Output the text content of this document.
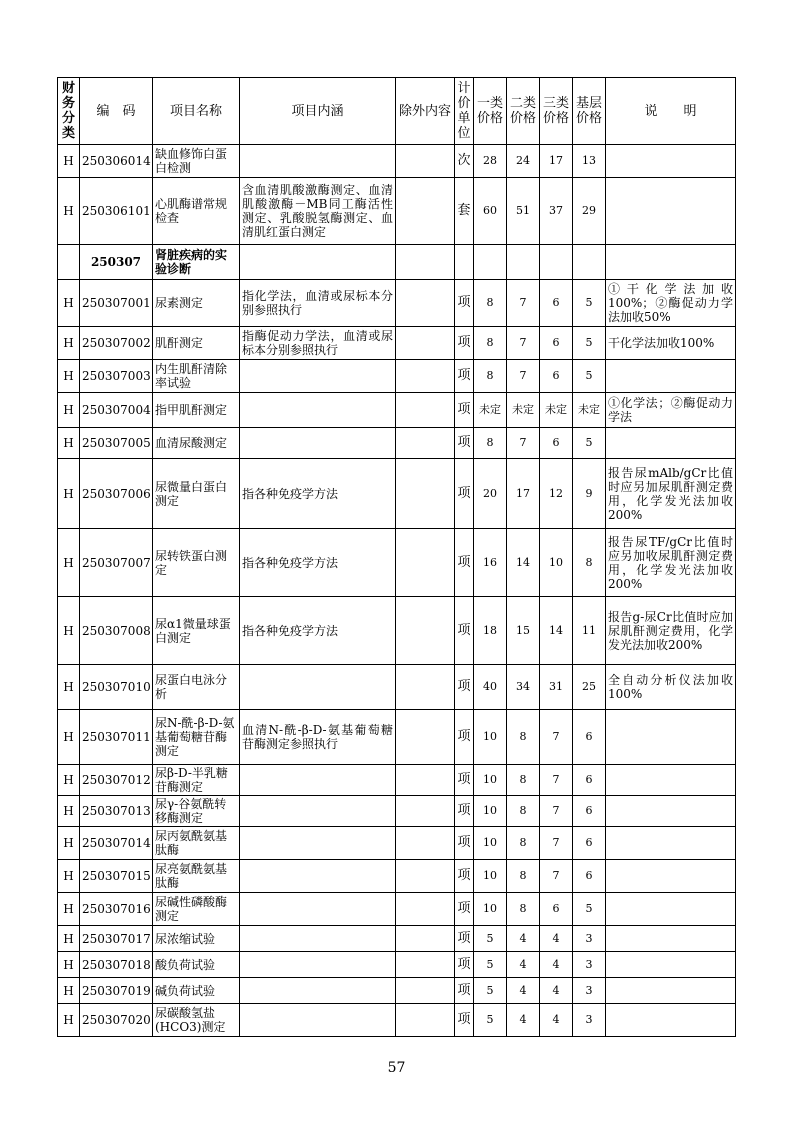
财务分类	编　码	项目名称	项目内涵	除外内容	计价单位	一类价格	二类价格	三类价格	基层价格	说　　明
H	250306014	缺血修饰白蛋白检测			次	28	24	17	13	
H	250306101	心肌酶谱常规检查	含血清肌酸激酶测定、血清肌酸激酶－MB同工酶活性测定、乳酸脱氢酶测定、血清肌红蛋白测定		套	60	51	37	29	
	250307	肾脏疾病的实验诊断								
H	250307001	尿素测定	指化学法，血清或尿标本分别参照执行		项	8	7	6	5	①干化学法加收100%；②酶促动力学法加收50%
H	250307002	肌酐测定	指酶促动力学法，血清或尿标本分别参照执行		项	8	7	6	5	干化学法加收100%
H	250307003	内生肌酐清除率试验			项	8	7	6	5	
H	250307004	指甲肌酐测定			项	未定	未定	未定	未定	①化学法；②酶促动力学法
H	250307005	血清尿酸测定			项	8	7	6	5	
H	250307006	尿微量白蛋白测定	指各种免疫学方法		项	20	17	12	9	报告尿mAlb/gCr比值时应另加尿肌酐测定费用，化学发光法加收200%
H	250307007	尿转铁蛋白测定	指各种免疫学方法		项	16	14	10	8	报告尿TF/gCr比值时应另加收尿肌酐测定费用，化学发光法加收200%
H	250307008	尿α1微量球蛋白测定	指各种免疫学方法		项	18	15	14	11	报告g-尿Cr比值时应加尿肌酐测定费用，化学发光法加收200%
H	250307010	尿蛋白电泳分析			项	40	34	31	25	全自动分析仪法加收100%
H	250307011	尿N-酰-β-D-氨基葡萄糖苷酶测定	血清N-酰-β-D-氨基葡萄糖苷酶测定参照执行		项	10	8	7	6	
H	250307012	尿β-D-半乳糖苷酶测定			项	10	8	7	6	
H	250307013	尿γ-谷氨酰转移酶测定			项	10	8	7	6	
H	250307014	尿丙氨酰氨基肽酶			项	10	8	7	6	
H	250307015	尿亮氨酰氨基肽酶			项	10	8	7	6	
H	250307016	尿碱性磷酸酶测定			项	10	8	6	5	
H	250307017	尿浓缩试验			项	5	4	4	3	
H	250307018	酸负荷试验			项	5	4	4	3	
H	250307019	碱负荷试验			项	5	4	4	3	
H	250307020	尿碳酸氢盐(HCO3)测定			项	5	4	4	3	
57
